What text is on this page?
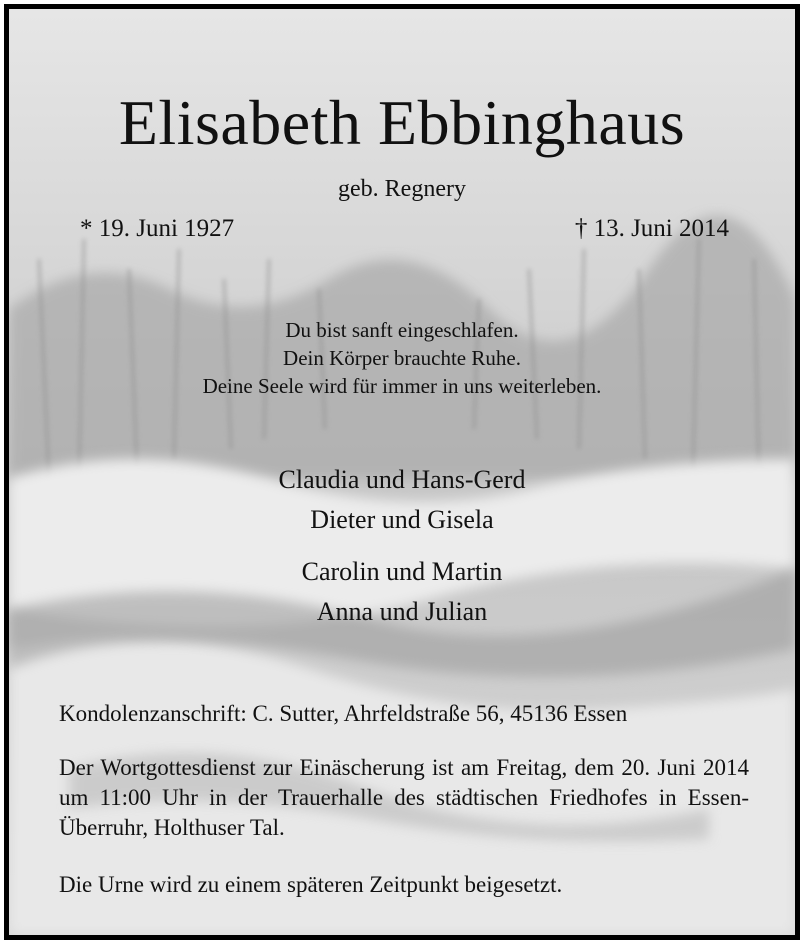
Elisabeth Ebbinghaus
geb. Regnery
* 19. Juni 1927	† 13. Juni 2014
Du bist sanft eingeschlafen.
Dein Körper brauchte Ruhe.
Deine Seele wird für immer in uns weiterleben.
Claudia und Hans-Gerd
Dieter und Gisela
Carolin und Martin
Anna und Julian
Kondolenzanschrift: C. Sutter, Ahrfeldstraße 56, 45136 Essen
Der Wortgottesdienst zur Einäscherung ist am Freitag, dem 20. Juni 2014 um 11:00 Uhr in der Trauerhalle des städtischen Friedhofes in Essen-Überruhr, Holthuser Tal.
Die Urne wird zu einem späteren Zeitpunkt beigesetzt.
